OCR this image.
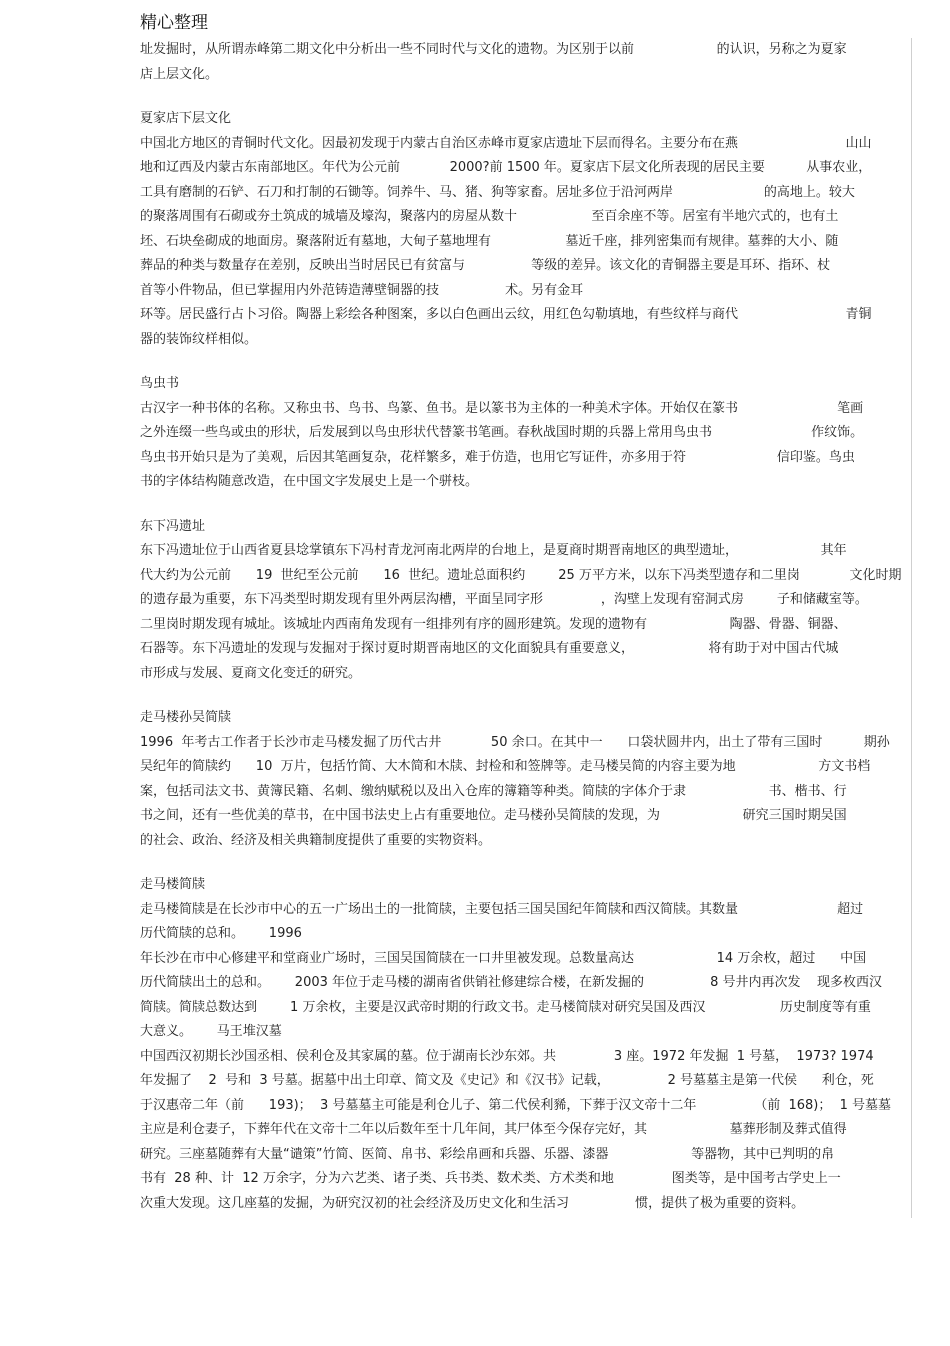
精心整理
址发掘时，从所谓赤峰第二期文化中分析出一些不同时代与文化的遗物。为区别于以前                    的认识，另称之为夏家
店上层文化。
夏家店下层文化
中国北方地区的青铜时代文化。因最初发现于内蒙古自治区赤峰市夏家店遗址下层而得名。主要分布在燕                          山山
地和辽西及内蒙古东南部地区。年代为公元前            2000?前 1500 年。夏家店下层文化所表现的居民主要          从事农业，
工具有磨制的石铲、石刀和打制的石锄等。饲养牛、马、猪、狗等家畜。居址多位于沿河两岸                      的高地上。较大
的聚落周围有石砌或夯土筑成的城墙及壕沟，聚落内的房屋从数十                  至百余座不等。居室有半地穴式的，也有土
坯、石块垒砌成的地面房。聚落附近有墓地，大甸子墓地埋有                  墓近千座，排列密集而有规律。墓葬的大小、随
葬品的种类与数量存在差别，反映出当时居民已有贫富与                等级的差异。该文化的青铜器主要是耳环、指环、杖
首等小件物品，但已掌握用内外范铸造薄壁铜器的技                术。另有金耳
环等。居民盛行占卜习俗。陶器上彩绘各种图案，多以白色画出云纹，用红色勾勒填地，有些纹样与商代                          青铜
器的装饰纹样相似。
鸟虫书
古汉字一种书体的名称。又称虫书、鸟书、鸟篆、鱼书。是以篆书为主体的一种美术字体。开始仅在篆书                        笔画
之外连缀一些鸟或虫的形状，后发展到以鸟虫形状代替篆书笔画。春秋战国时期的兵器上常用鸟虫书                        作纹饰。
鸟虫书开始只是为了美观，后因其笔画复杂，花样繁多，难于仿造，也用它写证件，亦多用于符                      信印鉴。鸟虫
书的字体结构随意改造，在中国文字发展史上是一个骈枝。
东下冯遗址
东下冯遗址位于山西省夏县埝掌镇东下冯村青龙河南北两岸的台地上，是夏商时期晋南地区的典型遗址，                    其年
代大约为公元前      19  世纪至公元前      16  世纪。遗址总面积约        25 万平方米，以东下冯类型遗存和二里岗            文化时期
的遗存最为重要，东下冯类型时期发现有里外两层沟槽，平面呈同字形              ，沟壁上发现有窑洞式房        子和储藏室等。
二里岗时期发现有城址。该城址内西南角发现有一组排列有序的圆形建筑。发现的遗物有                    陶器、骨器、铜器、
石器等。东下冯遗址的发现与发掘对于探讨夏时期晋南地区的文化面貌具有重要意义，                  将有助于对中国古代城
市形成与发展、夏商文化变迁的研究。
走马楼孙吴简牍
1996  年考古工作者于长沙市走马楼发掘了历代古井            50 余口。在其中一      口袋状圆井内，出土了带有三国时          期孙
吴纪年的简牍约      10  万片，包括竹简、大木简和木牍、封检和和签牌等。走马楼吴简的内容主要为地                    方文书档
案，包括司法文书、黄簿民籍、名刺、缴纳赋税以及出入仓库的簿籍等种类。简牍的字体介于隶                    书、楷书、行
书之间，还有一些优美的草书，在中国书法史上占有重要地位。走马楼孙吴简牍的发现，为                    研究三国时期吴国
的社会、政治、经济及相关典籍制度提供了重要的实物资料。
走马楼简牍
走马楼简牍是在长沙市中心的五一广场出土的一批简牍，主要包括三国吴国纪年简牍和西汉简牍。其数量                        超过
历代简牍的总和。      1996
年长沙在市中心修建平和堂商业广场时，三国吴国简牍在一口井里被发现。总数量高达                    14 万余枚，超过      中国
历代简牍出土的总和。      2003 年位于走马楼的湖南省供销社修建综合楼，在新发掘的                8 号井内再次发    现多枚西汉
简牍。简牍总数达到        1 万余枚，主要是汉武帝时期的行政文书。走马楼简牍对研究吴国及西汉                  历史制度等有重
大意义。      马王堆汉墓
中国西汉初期长沙国丞相、侯利仓及其家属的墓。位于湖南长沙东郊。共              3 座。1972 年发掘  1 号墓，  1973? 1974
年发掘了    2  号和  3 号墓。据墓中出土印章、简文及《史记》和《汉书》记载，              2 号墓墓主是第一代侯      利仓，死
于汉惠帝二年（前      193)；  3 号墓墓主可能是利仓儿子、第二代侯利豨，下葬于汉文帝十二年              （前  168)；  1 号墓墓
主应是利仓妻子，下葬年代在文帝十二年以后数年至十几年间，其尸体至今保存完好，其                    墓葬形制及葬式值得
研究。三座墓随葬有大量“谴策”竹简、医简、帛书、彩绘帛画和兵器、乐器、漆器                    等器物，其中已判明的帛
书有  28 种、计  12 万余字，分为六艺类、诸子类、兵书类、数术类、方术类和地              图类等，是中国考古学史上一
次重大发现。这几座墓的发掘，为研究汉初的社会经济及历史文化和生活习                惯，提供了极为重要的资料。
